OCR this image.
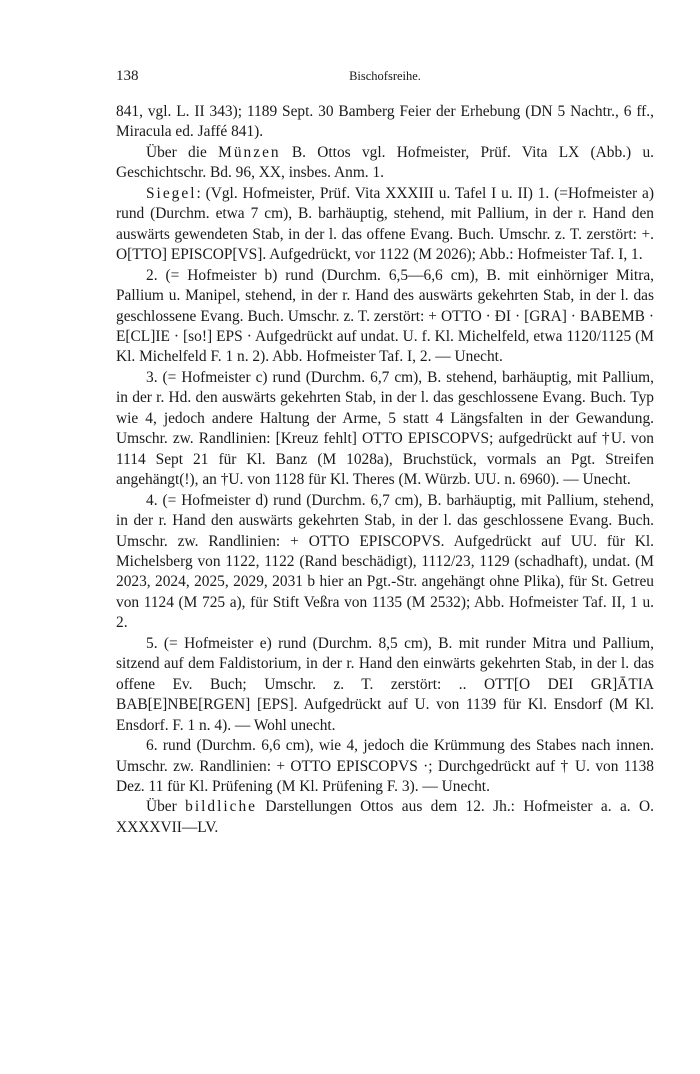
138	Bischofsreihe.

841, vgl. L. II 343); 1189 Sept. 30 Bamberg Feier der Erhebung (DN 5 Nachtr., 6 ff., Miracula ed. Jaffé 841).

Über die Münzen B. Ottos vgl. Hofmeister, Prüf. Vita LX (Abb.) u. Geschichtschr. Bd. 96, XX, insbes. Anm. 1.

Siegel: (Vgl. Hofmeister, Prüf. Vita XXXIII u. Tafel I u. II) 1. (=Hofmeister a) rund (Durchm. etwa 7 cm), B. barhäuptig, stehend, mit Pallium, in der r. Hand den auswärts gewendeten Stab, in der l. das offene Evang. Buch. Umschr. z. T. zerstört: +. O[TTO] EPISCOP[VS]. Aufgedrückt, vor 1122 (M 2026); Abb.: Hofmeister Taf. I, 1.

2. (= Hofmeister b) rund (Durchm. 6,5—6,6 cm), B. mit einhörniger Mitra, Pallium u. Manipel, stehend, in der r. Hand des auswärts gekehrten Stab, in der l. das geschlossene Evang. Buch. Umschr. z. T. zerstört: + OTTO · ÐI · [GRA] · BABEMB · E[CL]IE · [so!] EPS · Aufgedrückt auf undat. U. f. Kl. Michelfeld, etwa 1120/1125 (M Kl. Michelfeld F. 1 n. 2). Abb. Hofmeister Taf. I, 2. — Unecht.

3. (= Hofmeister c) rund (Durchm. 6,7 cm), B. stehend, barhäuptig, mit Pallium, in der r. Hd. den auswärts gekehrten Stab, in der l. das geschlossene Evang. Buch. Typ wie 4, jedoch andere Haltung der Arme, 5 statt 4 Längsfalten in der Gewandung. Umschr. zw. Randlinien: [Kreuz fehlt] OTTO EPISCOPVS; aufgedrückt auf †U. von 1114 Sept 21 für Kl. Banz (M 1028a), Bruchstück, vormals an Pgt. Streifen angehängt(!), an †U. von 1128 für Kl. Theres (M. Würzb. UU. n. 6960). — Unecht.

4. (= Hofmeister d) rund (Durchm. 6,7 cm), B. barhäuptig, mit Pallium, stehend, in der r. Hand den auswärts gekehrten Stab, in der l. das geschlossene Evang. Buch. Umschr. zw. Randlinien: + OTTO EPISCOPVS. Aufgedrückt auf UU. für Kl. Michelsberg von 1122, 1122 (Rand beschädigt), 1112/23, 1129 (schadhaft), undat. (M 2023, 2024, 2025, 2029, 2031 b hier an Pgt.-Str. angehängt ohne Plika), für St. Getreu von 1124 (M 725 a), für Stift Veßra von 1135 (M 2532); Abb. Hofmeister Taf. II, 1 u. 2.

5. (= Hofmeister e) rund (Durchm. 8,5 cm), B. mit runder Mitra und Pallium, sitzend auf dem Faldistorium, in der r. Hand den einwärts gekehrten Stab, in der l. das offene Ev. Buch; Umschr. z. T. zerstört: .. OTT[O DEI GR]ĀTIA BAB[E]NBE[RGEN] [EPS]. Aufgedrückt auf U. von 1139 für Kl. Ensdorf (M Kl. Ensdorf. F. 1 n. 4). — Wohl unecht.

6. rund (Durchm. 6,6 cm), wie 4, jedoch die Krümmung des Stabes nach innen. Umschr. zw. Randlinien: + OTTO EPISCOPVS ·; Durchgedrückt auf † U. von 1138 Dez. 11 für Kl. Prüfening (M Kl. Prüfening F. 3). — Unecht.

Über bildliche Darstellungen Ottos aus dem 12. Jh.: Hofmeister a. a. O. XXXXVII—LV.
